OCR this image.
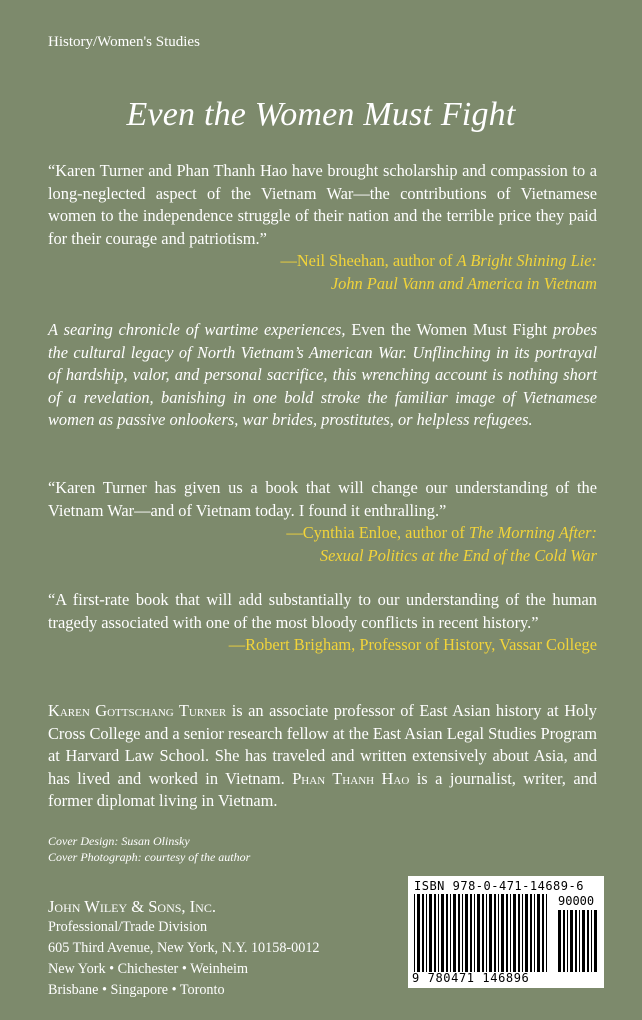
History/Women's Studies
Even the Women Must Fight
“Karen Turner and Phan Thanh Hao have brought scholarship and compassion to a long-neglected aspect of the Vietnam War—the contributions of Vietnamese women to the independence struggle of their nation and the terrible price they paid for their courage and patriotism.”
—Neil Sheehan, author of A Bright Shining Lie:
John Paul Vann and America in Vietnam
A searing chronicle of wartime experiences, Even the Women Must Fight probes the cultural legacy of North Vietnam’s American War. Unflinching in its portrayal of hardship, valor, and personal sacrifice, this wrenching account is nothing short of a revelation, banishing in one bold stroke the familiar image of Vietnamese women as passive onlookers, war brides, prostitutes, or helpless refugees.
“Karen Turner has given us a book that will change our understanding of the Vietnam War—and of Vietnam today. I found it enthralling.”
—Cynthia Enloe, author of The Morning After:
Sexual Politics at the End of the Cold War
“A first-rate book that will add substantially to our understanding of the human tragedy associated with one of the most bloody conflicts in recent history.”
—Robert Brigham, Professor of History, Vassar College
Karen Gottschang Turner is an associate professor of East Asian history at Holy Cross College and a senior research fellow at the East Asian Legal Studies Program at Harvard Law School. She has traveled and written extensively about Asia, and has lived and worked in Vietnam. Phan Thanh Hao is a journalist, writer, and former diplomat living in Vietnam.
Cover Design: Susan Olinsky
Cover Photograph: courtesy of the author
John Wiley & Sons, Inc.
Professional/Trade Division
605 Third Avenue, New York, N.Y. 10158-0012
New York • Chichester • Weinheim
Brisbane • Singapore • Toronto
ISBN 978-0-471-14689-6
90000
9 780471 146896
